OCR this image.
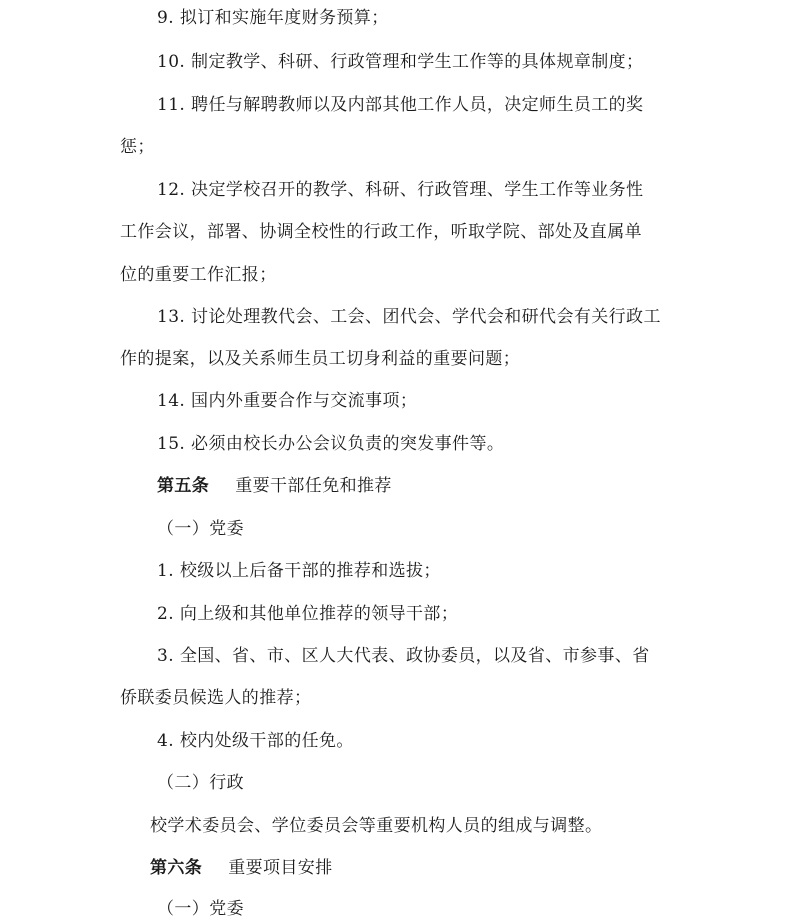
9. 拟订和实施年度财务预算；
10. 制定教学、科研、行政管理和学生工作等的具体规章制度；
11. 聘任与解聘教师以及内部其他工作人员，决定师生员工的奖
惩；
12. 决定学校召开的教学、科研、行政管理、学生工作等业务性
工作会议，部署、协调全校性的行政工作，听取学院、部处及直属单
位的重要工作汇报；
13. 讨论处理教代会、工会、团代会、学代会和研代会有关行政工
作的提案，以及关系师生员工切身利益的重要问题；
14. 国内外重要合作与交流事项；
15. 必须由校长办公会议负责的突发事件等。
第五条 重要干部任免和推荐
（一）党委
1. 校级以上后备干部的推荐和选拔；
2. 向上级和其他单位推荐的领导干部；
3. 全国、省、市、区人大代表、政协委员，以及省、市参事、省
侨联委员候选人的推荐；
4. 校内处级干部的任免。
（二）行政
校学术委员会、学位委员会等重要机构人员的组成与调整。
第六条 重要项目安排
（一）党委
